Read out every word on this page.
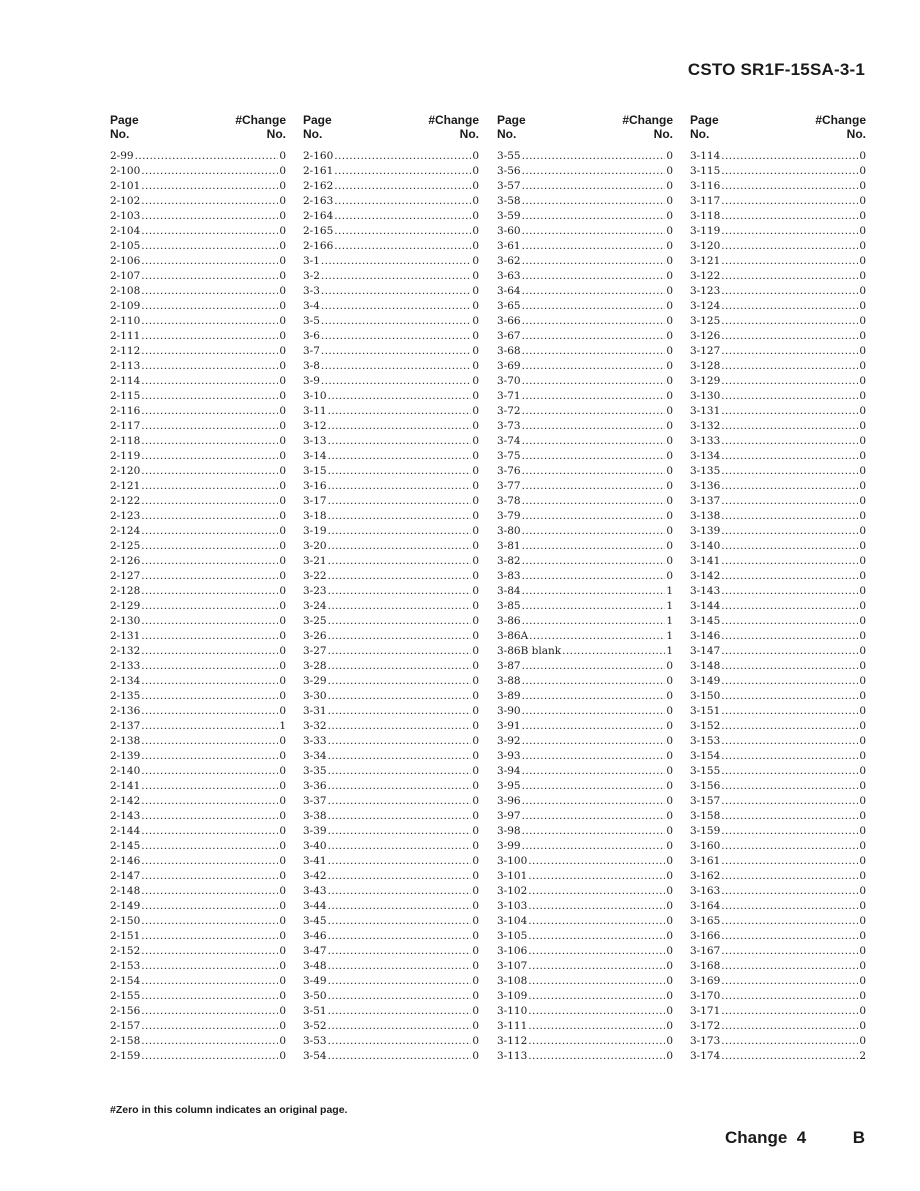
CSTO SR1F-15SA-3-1
Page
No.
#Change
No.
2-99 .....	0
2-100 .....	0
2-101 .....	0
2-102 .....	0
2-103 .....	0
2-104 .....	0
2-105 .....	0
2-106 .....	0
2-107 .....	0
2-108 .....	0
2-109 .....	0
2-110 .....	0
2-111 .....	0
2-112 .....	0
2-113 .....	0
2-114 .....	0
2-115 .....	0
2-116 .....	0
2-117 .....	0
2-118 .....	0
2-119 .....	0
2-120 .....	0
2-121 .....	0
2-122 .....	0
2-123 .....	0
2-124 .....	0
2-125 .....	0
2-126 .....	0
2-127 .....	0
2-128 .....	0
2-129 .....	0
2-130 .....	0
2-131 .....	0
2-132 .....	0
2-133 .....	0
2-134 .....	0
2-135 .....	0
2-136 .....	0
2-137 .....	1
2-138 .....	0
2-139 .....	0
2-140 .....	0
2-141 .....	0
2-142 .....	0
2-143 .....	0
2-144 .....	0
2-145 .....	0
2-146 .....	0
2-147 .....	0
2-148 .....	0
2-149 .....	0
2-150 .....	0
2-151 .....	0
2-152 .....	0
2-153 .....	0
2-154 .....	0
2-155 .....	0
2-156 .....	0
2-157 .....	0
2-158 .....	0
2-159 .....	0
Page
No.
#Change
No.
2-160 .....	0
2-161 .....	0
2-162 .....	0
2-163 .....	0
2-164 .....	0
2-165 .....	0
2-166 .....	0
3-1 .....	0
3-2 .....	0
3-3 .....	0
3-4 .....	0
3-5 .....	0
3-6 .....	0
3-7 .....	0
3-8 .....	0
3-9 .....	0
3-10 .....	0
3-11 .....	0
3-12 .....	0
3-13 .....	0
3-14 .....	0
3-15 .....	0
3-16 .....	0
3-17 .....	0
3-18 .....	0
3-19 .....	0
3-20 .....	0
3-21 .....	0
3-22 .....	0
3-23 .....	0
3-24 .....	0
3-25 .....	0
3-26 .....	0
3-27 .....	0
3-28 .....	0
3-29 .....	0
3-30 .....	0
3-31 .....	0
3-32 .....	0
3-33 .....	0
3-34 .....	0
3-35 .....	0
3-36 .....	0
3-37 .....	0
3-38 .....	0
3-39 .....	0
3-40 .....	0
3-41 .....	0
3-42 .....	0
3-43 .....	0
3-44 .....	0
3-45 .....	0
3-46 .....	0
3-47 .....	0
3-48 .....	0
3-49 .....	0
3-50 .....	0
3-51 .....	0
3-52 .....	0
3-53 .....	0
3-54 .....	0
Page
No.
#Change
No.
3-55 .....	0
3-56 .....	0
3-57 .....	0
3-58 .....	0
3-59 .....	0
3-60 .....	0
3-61 .....	0
3-62 .....	0
3-63 .....	0
3-64 .....	0
3-65 .....	0
3-66 .....	0
3-67 .....	0
3-68 .....	0
3-69 .....	0
3-70 .....	0
3-71 .....	0
3-72 .....	0
3-73 .....	0
3-74 .....	0
3-75 .....	0
3-76 .....	0
3-77 .....	0
3-78 .....	0
3-79 .....	0
3-80 .....	0
3-81 .....	0
3-82 .....	0
3-83 .....	0
3-84 .....	1
3-85 .....	1
3-86 .....	1
3-86A .....	1
3-86B blank .....	1
3-87 .....	0
3-88 .....	0
3-89 .....	0
3-90 .....	0
3-91 .....	0
3-92 .....	0
3-93 .....	0
3-94 .....	0
3-95 .....	0
3-96 .....	0
3-97 .....	0
3-98 .....	0
3-99 .....	0
3-100 .....	0
3-101 .....	0
3-102 .....	0
3-103 .....	0
3-104 .....	0
3-105 .....	0
3-106 .....	0
3-107 .....	0
3-108 .....	0
3-109 .....	0
3-110 .....	0
3-111 .....	0
3-112 .....	0
3-113 .....	0
Page
No.
#Change
No.
3-114 .....	0
3-115 .....	0
3-116 .....	0
3-117 .....	0
3-118 .....	0
3-119 .....	0
3-120 .....	0
3-121 .....	0
3-122 .....	0
3-123 .....	0
3-124 .....	0
3-125 .....	0
3-126 .....	0
3-127 .....	0
3-128 .....	0
3-129 .....	0
3-130 .....	0
3-131 .....	0
3-132 .....	0
3-133 .....	0
3-134 .....	0
3-135 .....	0
3-136 .....	0
3-137 .....	0
3-138 .....	0
3-139 .....	0
3-140 .....	0
3-141 .....	0
3-142 .....	0
3-143 .....	0
3-144 .....	0
3-145 .....	0
3-146 .....	0
3-147 .....	0
3-148 .....	0
3-149 .....	0
3-150 .....	0
3-151 .....	0
3-152 .....	0
3-153 .....	0
3-154 .....	0
3-155 .....	0
3-156 .....	0
3-157 .....	0
3-158 .....	0
3-159 .....	0
3-160 .....	0
3-161 .....	0
3-162 .....	0
3-163 .....	0
3-164 .....	0
3-165 .....	0
3-166 .....	0
3-167 .....	0
3-168 .....	0
3-169 .....	0
3-170 .....	0
3-171 .....	0
3-172 .....	0
3-173 .....	0
3-174 .....	2
#Zero in this column indicates an original page.
Change  4	B
